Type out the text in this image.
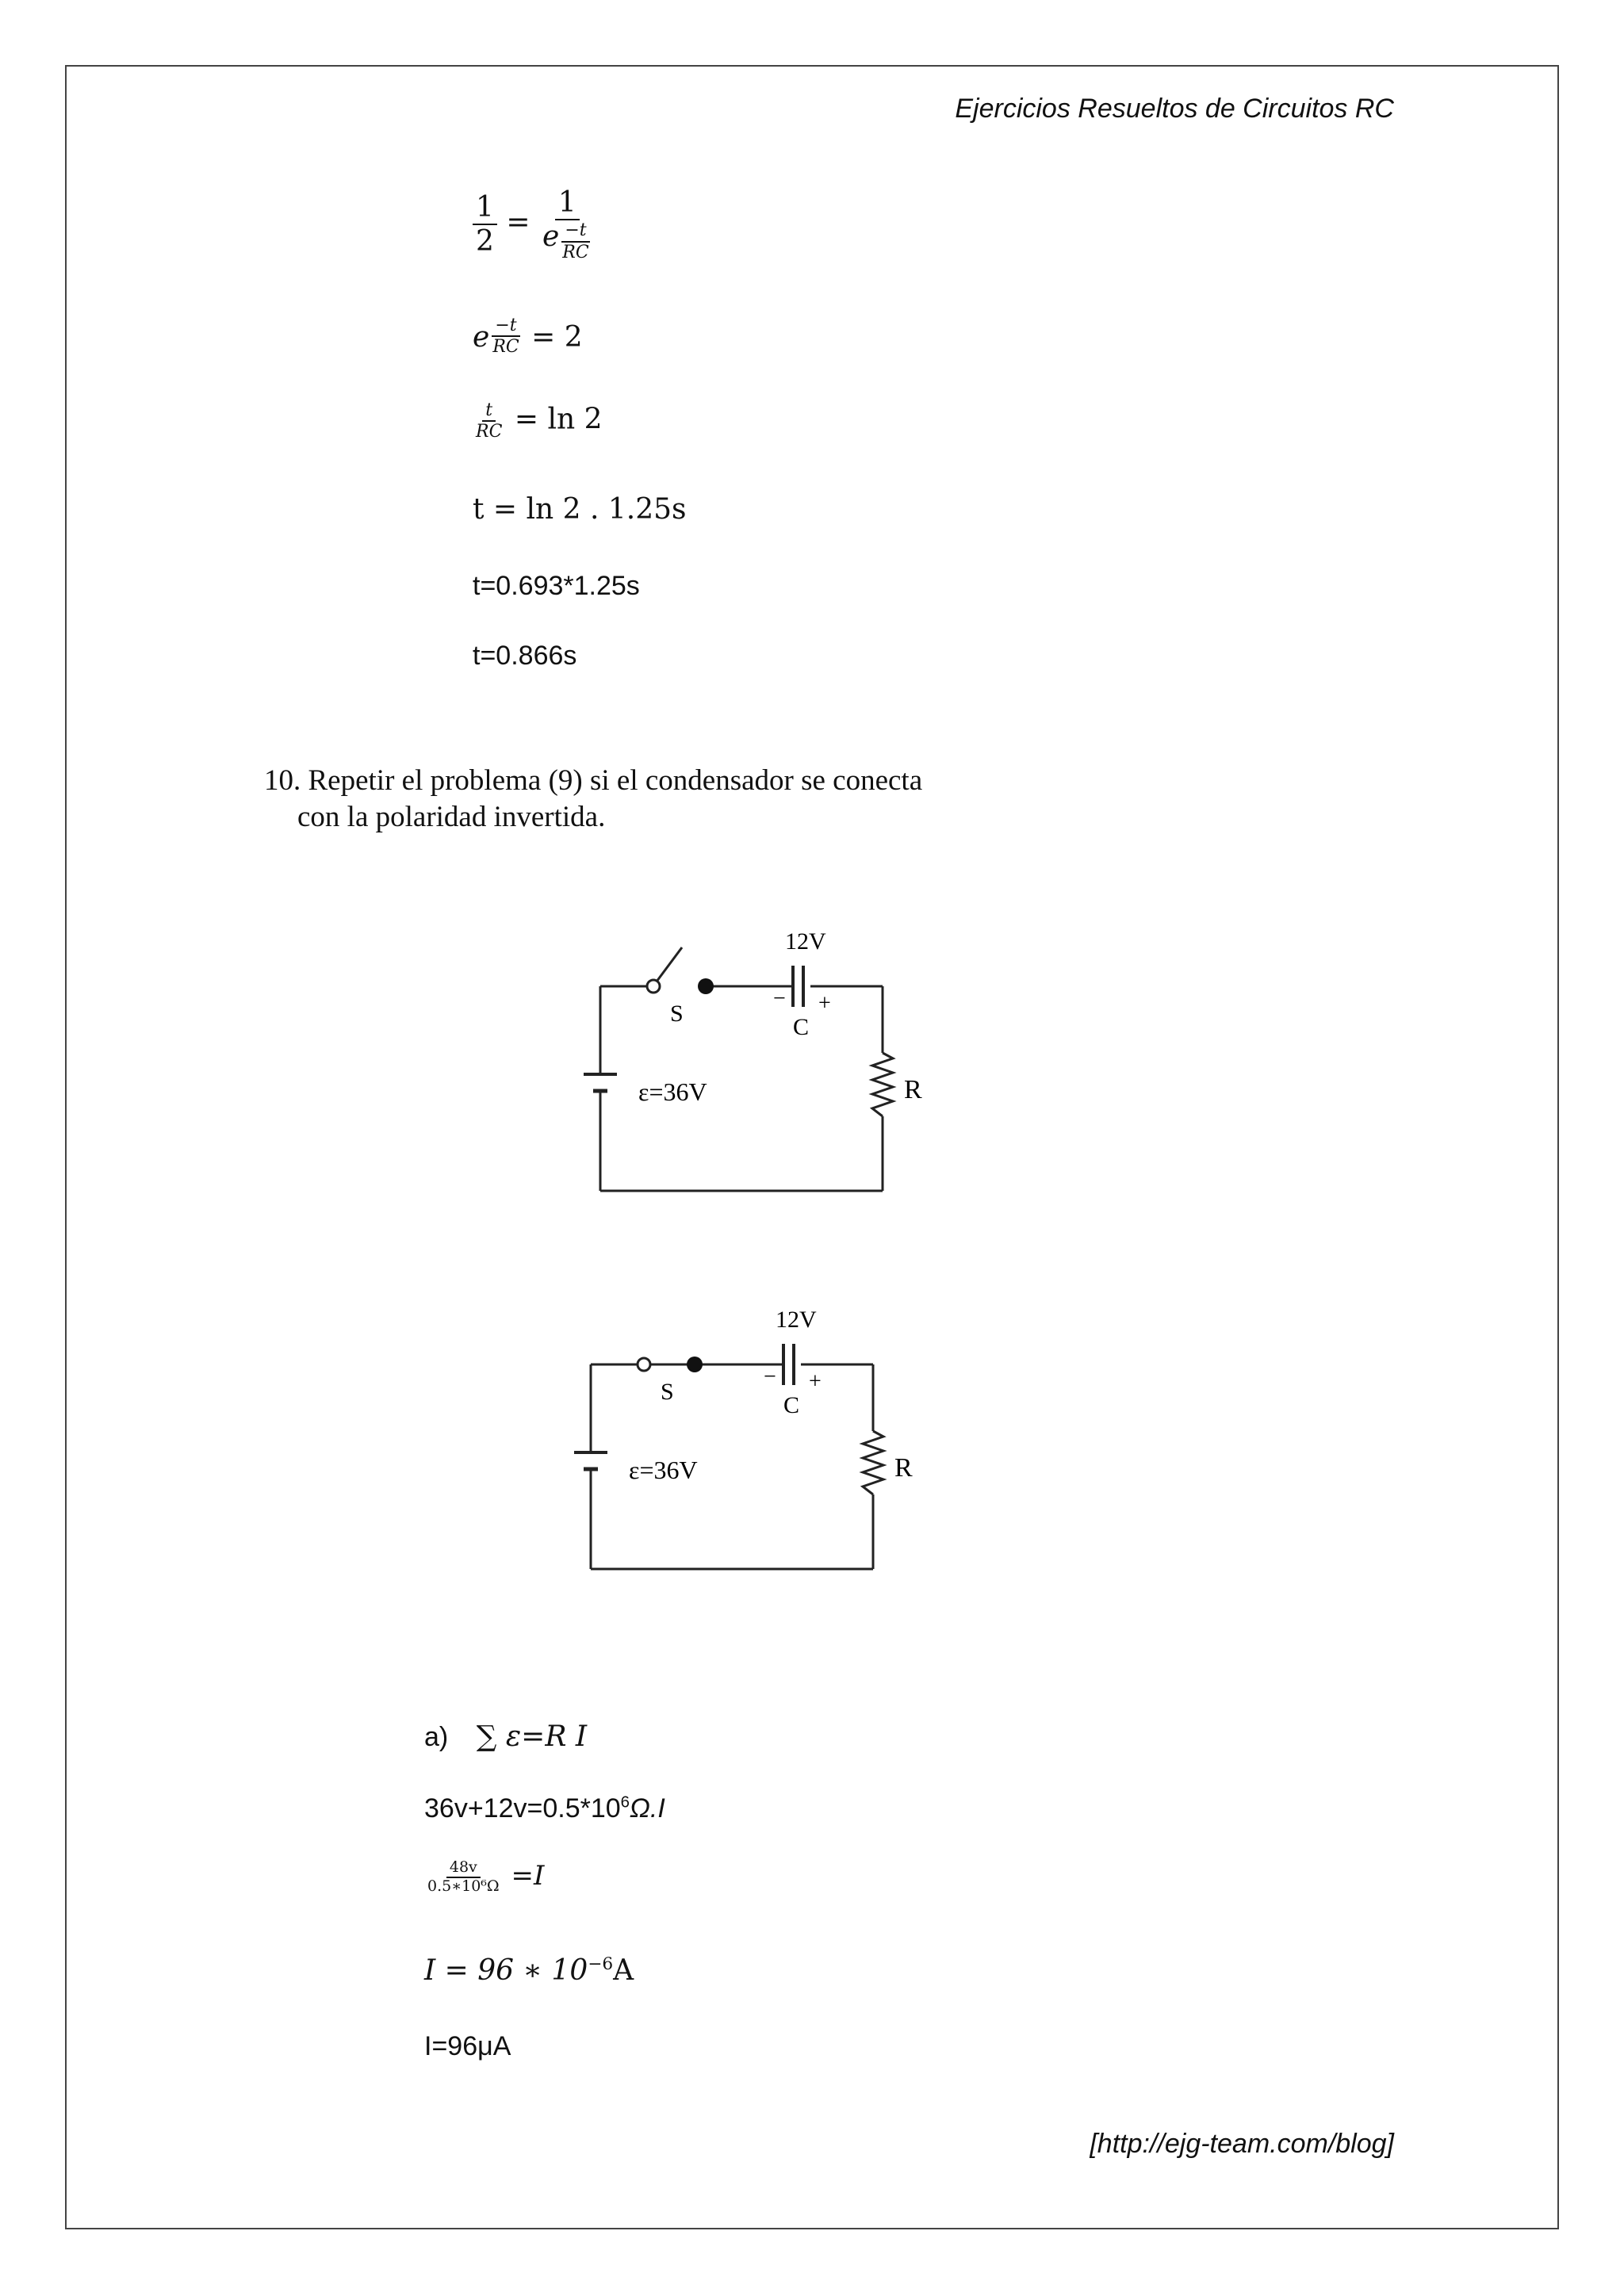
Ejercicios Resueltos de Circuitos RC
$\frac{1}{2} = \frac{1}{e \frac{-t}{RC}}$
e $\frac{-t}{RC} = 2$
$\frac{t}{RC} = \ln 2$
t = ln 2 . 1.25s
t=0.693*1.25s
t=0.866s
10. Repetir el problema (9) si el condensador se conecta
con la polaridad invertida.
12V
S
C
− +
ε=36V	R
12V
S
C
− +
ε=36V	R
a) ∑ ε=R I
$36v+12v=0.5*10^6\Omega.I$
$\frac{48v}{\text{0.5∗10⁶Ω}} =I$
I = 96 ∗ $10^{-6}A$
I=96μA
[http://ejg-team.com/blog]
